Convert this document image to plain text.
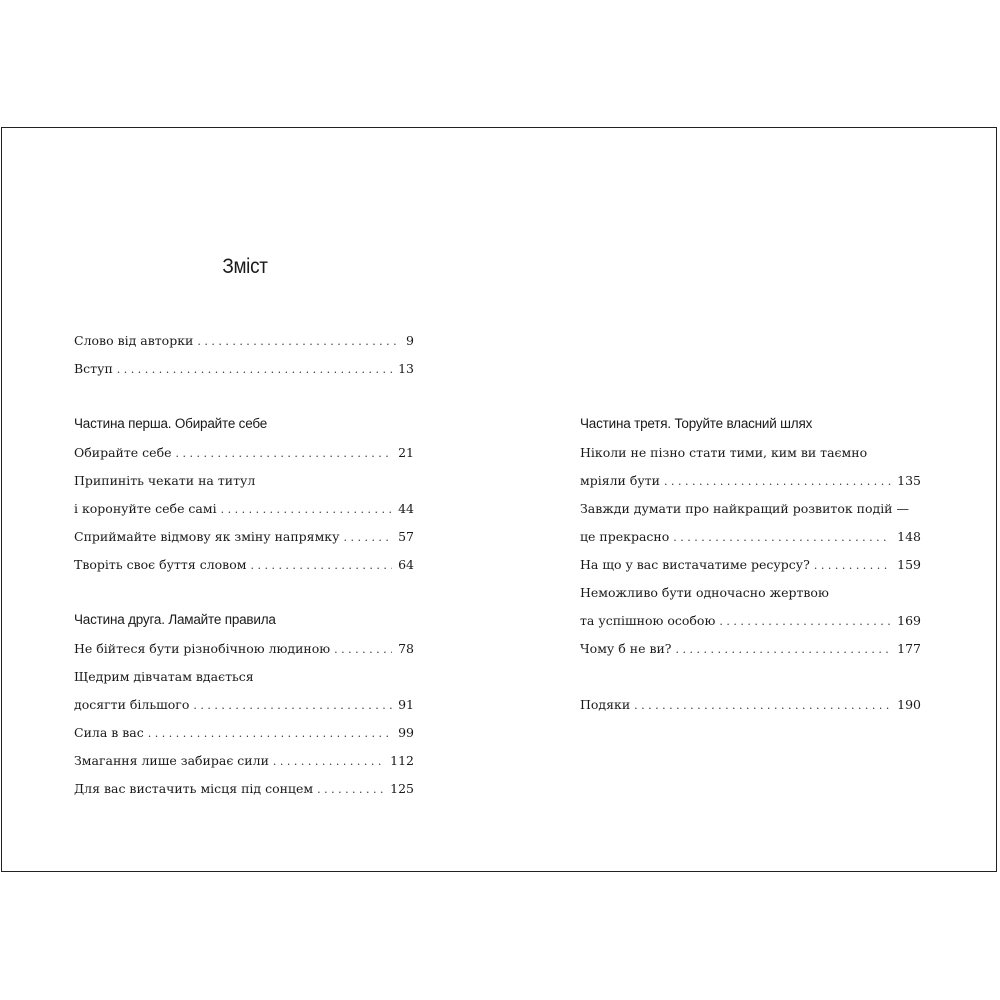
Зміст
Слово від авторки . . .	9
Вступ . . .	13
Частина перша. Обирайте себе
Обирайте себе . . .	21
Припиніть чекати на титул
і коронуйте себе самі . . .	44
Сприймайте відмову як зміну напрямку . . .	57
Творіть своє буття словом . . .	64
Частина друга. Ламайте правила
Не бійтеся бути різнобічною людиною . . .	78
Щедрим дівчатам вдається
досягти більшого . . .	91
Сила в вас . . .	99
Змагання лише забирає сили . . .	112
Для вас вистачить місця під сонцем . . .	125
Частина третя. Торуйте власний шлях
Ніколи не пізно стати тими, ким ви таємно
мріяли бути . . .	135
Завжди думати про найкращий розвиток подій —
це прекрасно . . .	148
На що у вас вистачатиме ресурсу? . . .	159
Неможливо бути одночасно жертвою
та успішною особою . . .	169
Чому б не ви? . . .	177
Подяки . . .	190
